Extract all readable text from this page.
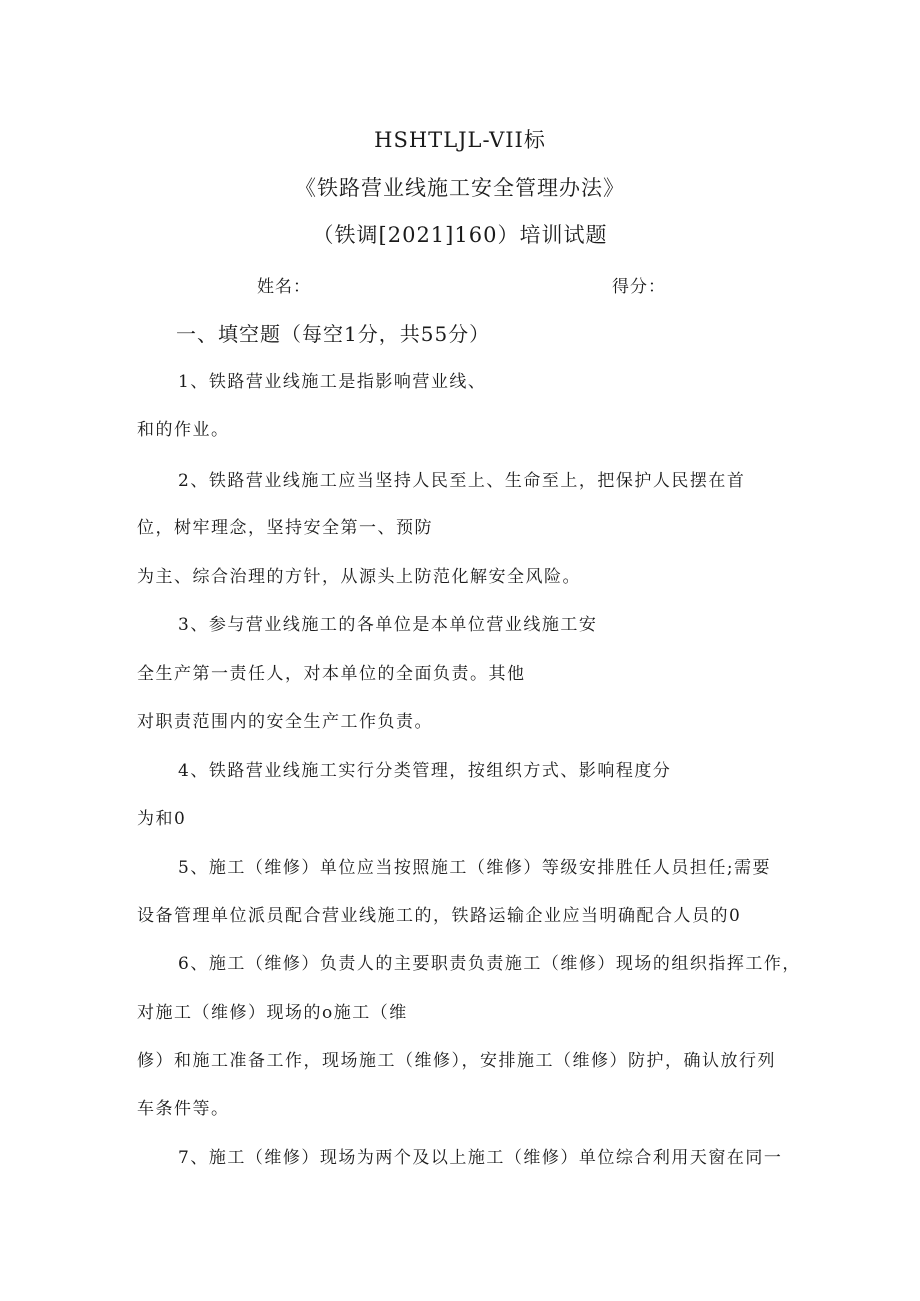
HSHTLJL-VII标
《铁路营业线施工安全管理办法》
（铁调[2021]160）培训试题
姓名：	得分：
一、填空题（每空1分，共55分）
1、铁路营业线施工是指影响营业线、
和的作业。
2、铁路营业线施工应当坚持人民至上、生命至上，把保护人民摆在首
位，树牢理念，坚持安全第一、预防
为主、综合治理的方针，从源头上防范化解安全风险。
3、参与营业线施工的各单位是本单位营业线施工安
全生产第一责任人，对本单位的全面负责。其他
对职责范围内的安全生产工作负责。
4、铁路营业线施工实行分类管理，按组织方式、影响程度分
为和0
5、施工（维修）单位应当按照施工（维修）等级安排胜任人员担任;需要
设备管理单位派员配合营业线施工的，铁路运输企业应当明确配合人员的0
6、施工（维修）负责人的主要职责负责施工（维修）现场的组织指挥工作，
对施工（维修）现场的o施工（维
修）和施工准备工作，现场施工（维修），安排施工（维修）防护，确认放行列
车条件等。
7、施工（维修）现场为两个及以上施工（维修）单位综合利用天窗在同一
